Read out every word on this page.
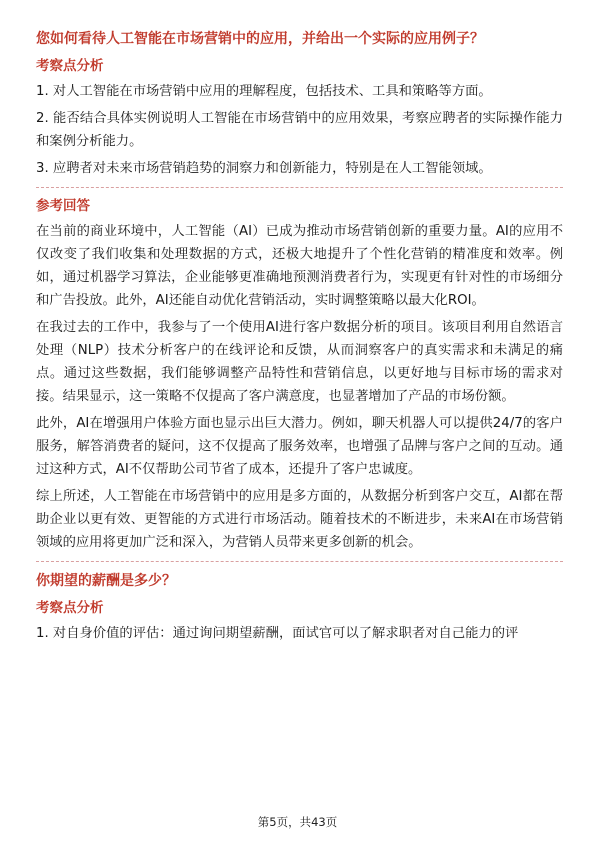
您如何看待人工智能在市场营销中的应用，并给出一个实际的应用例子？
考察点分析
1. 对人工智能在市场营销中应用的理解程度，包括技术、工具和策略等方面。
2. 能否结合具体实例说明人工智能在市场营销中的应用效果，考察应聘者的实际操作能力和案例分析能力。
3. 应聘者对未来市场营销趋势的洞察力和创新能力，特别是在人工智能领域。
参考回答
在当前的商业环境中，人工智能（AI）已成为推动市场营销创新的重要力量。AI的应用不仅改变了我们收集和处理数据的方式，还极大地提升了个性化营销的精准度和效率。例如，通过机器学习算法，企业能够更准确地预测消费者行为，实现更有针对性的市场细分和广告投放。此外，AI还能自动优化营销活动，实时调整策略以最大化ROI。
在我过去的工作中，我参与了一个使用AI进行客户数据分析的项目。该项目利用自然语言处理（NLP）技术分析客户的在线评论和反馈，从而洞察客户的真实需求和未满足的痛点。通过这些数据，我们能够调整产品特性和营销信息，以更好地与目标市场的需求对接。结果显示，这一策略不仅提高了客户满意度，也显著增加了产品的市场份额。
此外，AI在增强用户体验方面也显示出巨大潜力。例如，聊天机器人可以提供24/7的客户服务，解答消费者的疑问，这不仅提高了服务效率，也增强了品牌与客户之间的互动。通过这种方式，AI不仅帮助公司节省了成本，还提升了客户忠诚度。
综上所述，人工智能在市场营销中的应用是多方面的，从数据分析到客户交互，AI都在帮助企业以更有效、更智能的方式进行市场活动。随着技术的不断进步，未来AI在市场营销领域的应用将更加广泛和深入，为营销人员带来更多创新的机会。
你期望的薪酬是多少？
考察点分析
1. 对自身价值的评估：通过询问期望薪酬，面试官可以了解求职者对自己能力的评
第5页，共43页
